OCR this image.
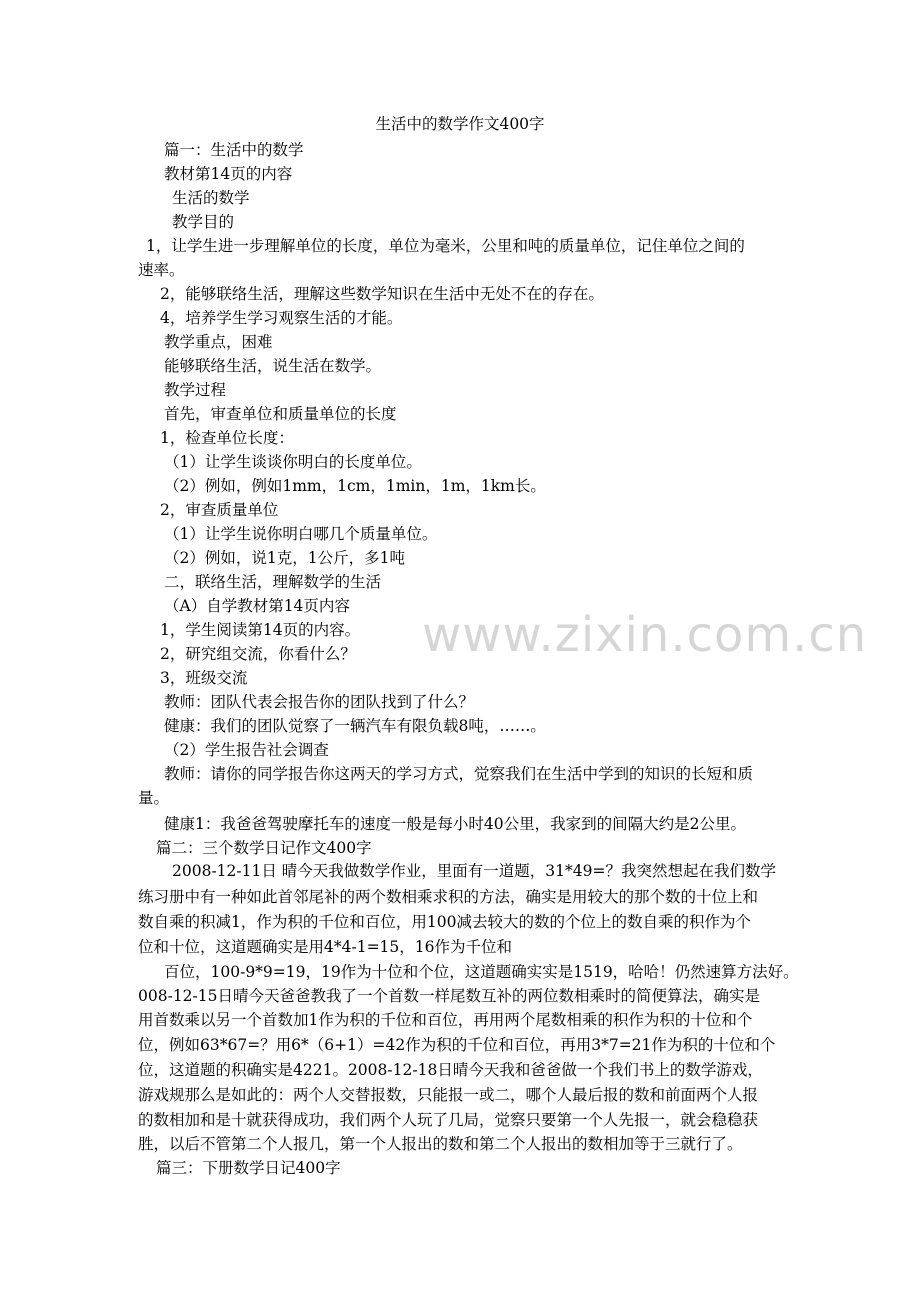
www.zixin.com.cn
生活中的数学作文400字
篇一：生活中的数学
教材第14页的内容
生活的数学
教学目的
1，让学生进一步理解单位的长度，单位为毫米，公里和吨的质量单位，记住单位之间的
速率。
2，能够联络生活，理解这些数学知识在生活中无处不在的存在。
4，培养学生学习观察生活的才能。
教学重点，困难
能够联络生活，说生活在数学。
教学过程
首先，审查单位和质量单位的长度
1，检查单位长度：
（1）让学生谈谈你明白的长度单位。
（2）例如，例如1mm，1cm，1min，1m，1km长。
2，审查质量单位
（1）让学生说你明白哪几个质量单位。
（2）例如，说1克，1公斤，多1吨
二，联络生活，理解数学的生活
（A）自学教材第14页内容
1，学生阅读第14页的内容。
2，研究组交流，你看什么？
3，班级交流
教师：团队代表会报告你的团队找到了什么？
健康：我们的团队觉察了一辆汽车有限负载8吨，……。
（2）学生报告社会调查
教师：请你的同学报告你这两天的学习方式，觉察我们在生活中学到的知识的长短和质
量。
健康1：我爸爸驾驶摩托车的速度一般是每小时40公里，我家到的间隔大约是2公里。
篇二：三个数学日记作文400字
2008-12-11日 晴今天我做数学作业，里面有一道题，31*49=？我突然想起在我们数学
练习册中有一种如此首邻尾补的两个数相乘求积的方法，确实是用较大的那个数的十位上和
数自乘的积减1，作为积的千位和百位，用100减去较大的数的个位上的数自乘的积作为个
位和十位，这道题确实是用4*4-1=15，16作为千位和
百位，100-9*9=19，19作为十位和个位，这道题确实实是1519，哈哈！仍然速算方法好。
008-12-15日晴今天爸爸教我了一个首数一样尾数互补的两位数相乘时的简便算法，确实是
用首数乘以另一个首数加1作为积的千位和百位，再用两个尾数相乘的积作为积的十位和个
位，例如63*67=？用6*（6+1）=42作为积的千位和百位，再用3*7=21作为积的十位和个
位，这道题的积确实是4221。2008-12-18日晴今天我和爸爸做一个我们书上的数学游戏，
游戏规那么是如此的：两个人交替报数，只能报一或二，哪个人最后报的数和前面两个人报
的数相加和是十就获得成功，我们两个人玩了几局，觉察只要第一个人先报一，就会稳稳获
胜，以后不管第二个人报几，第一个人报出的数和第二个人报出的数相加等于三就行了。
篇三：下册数学日记400字
